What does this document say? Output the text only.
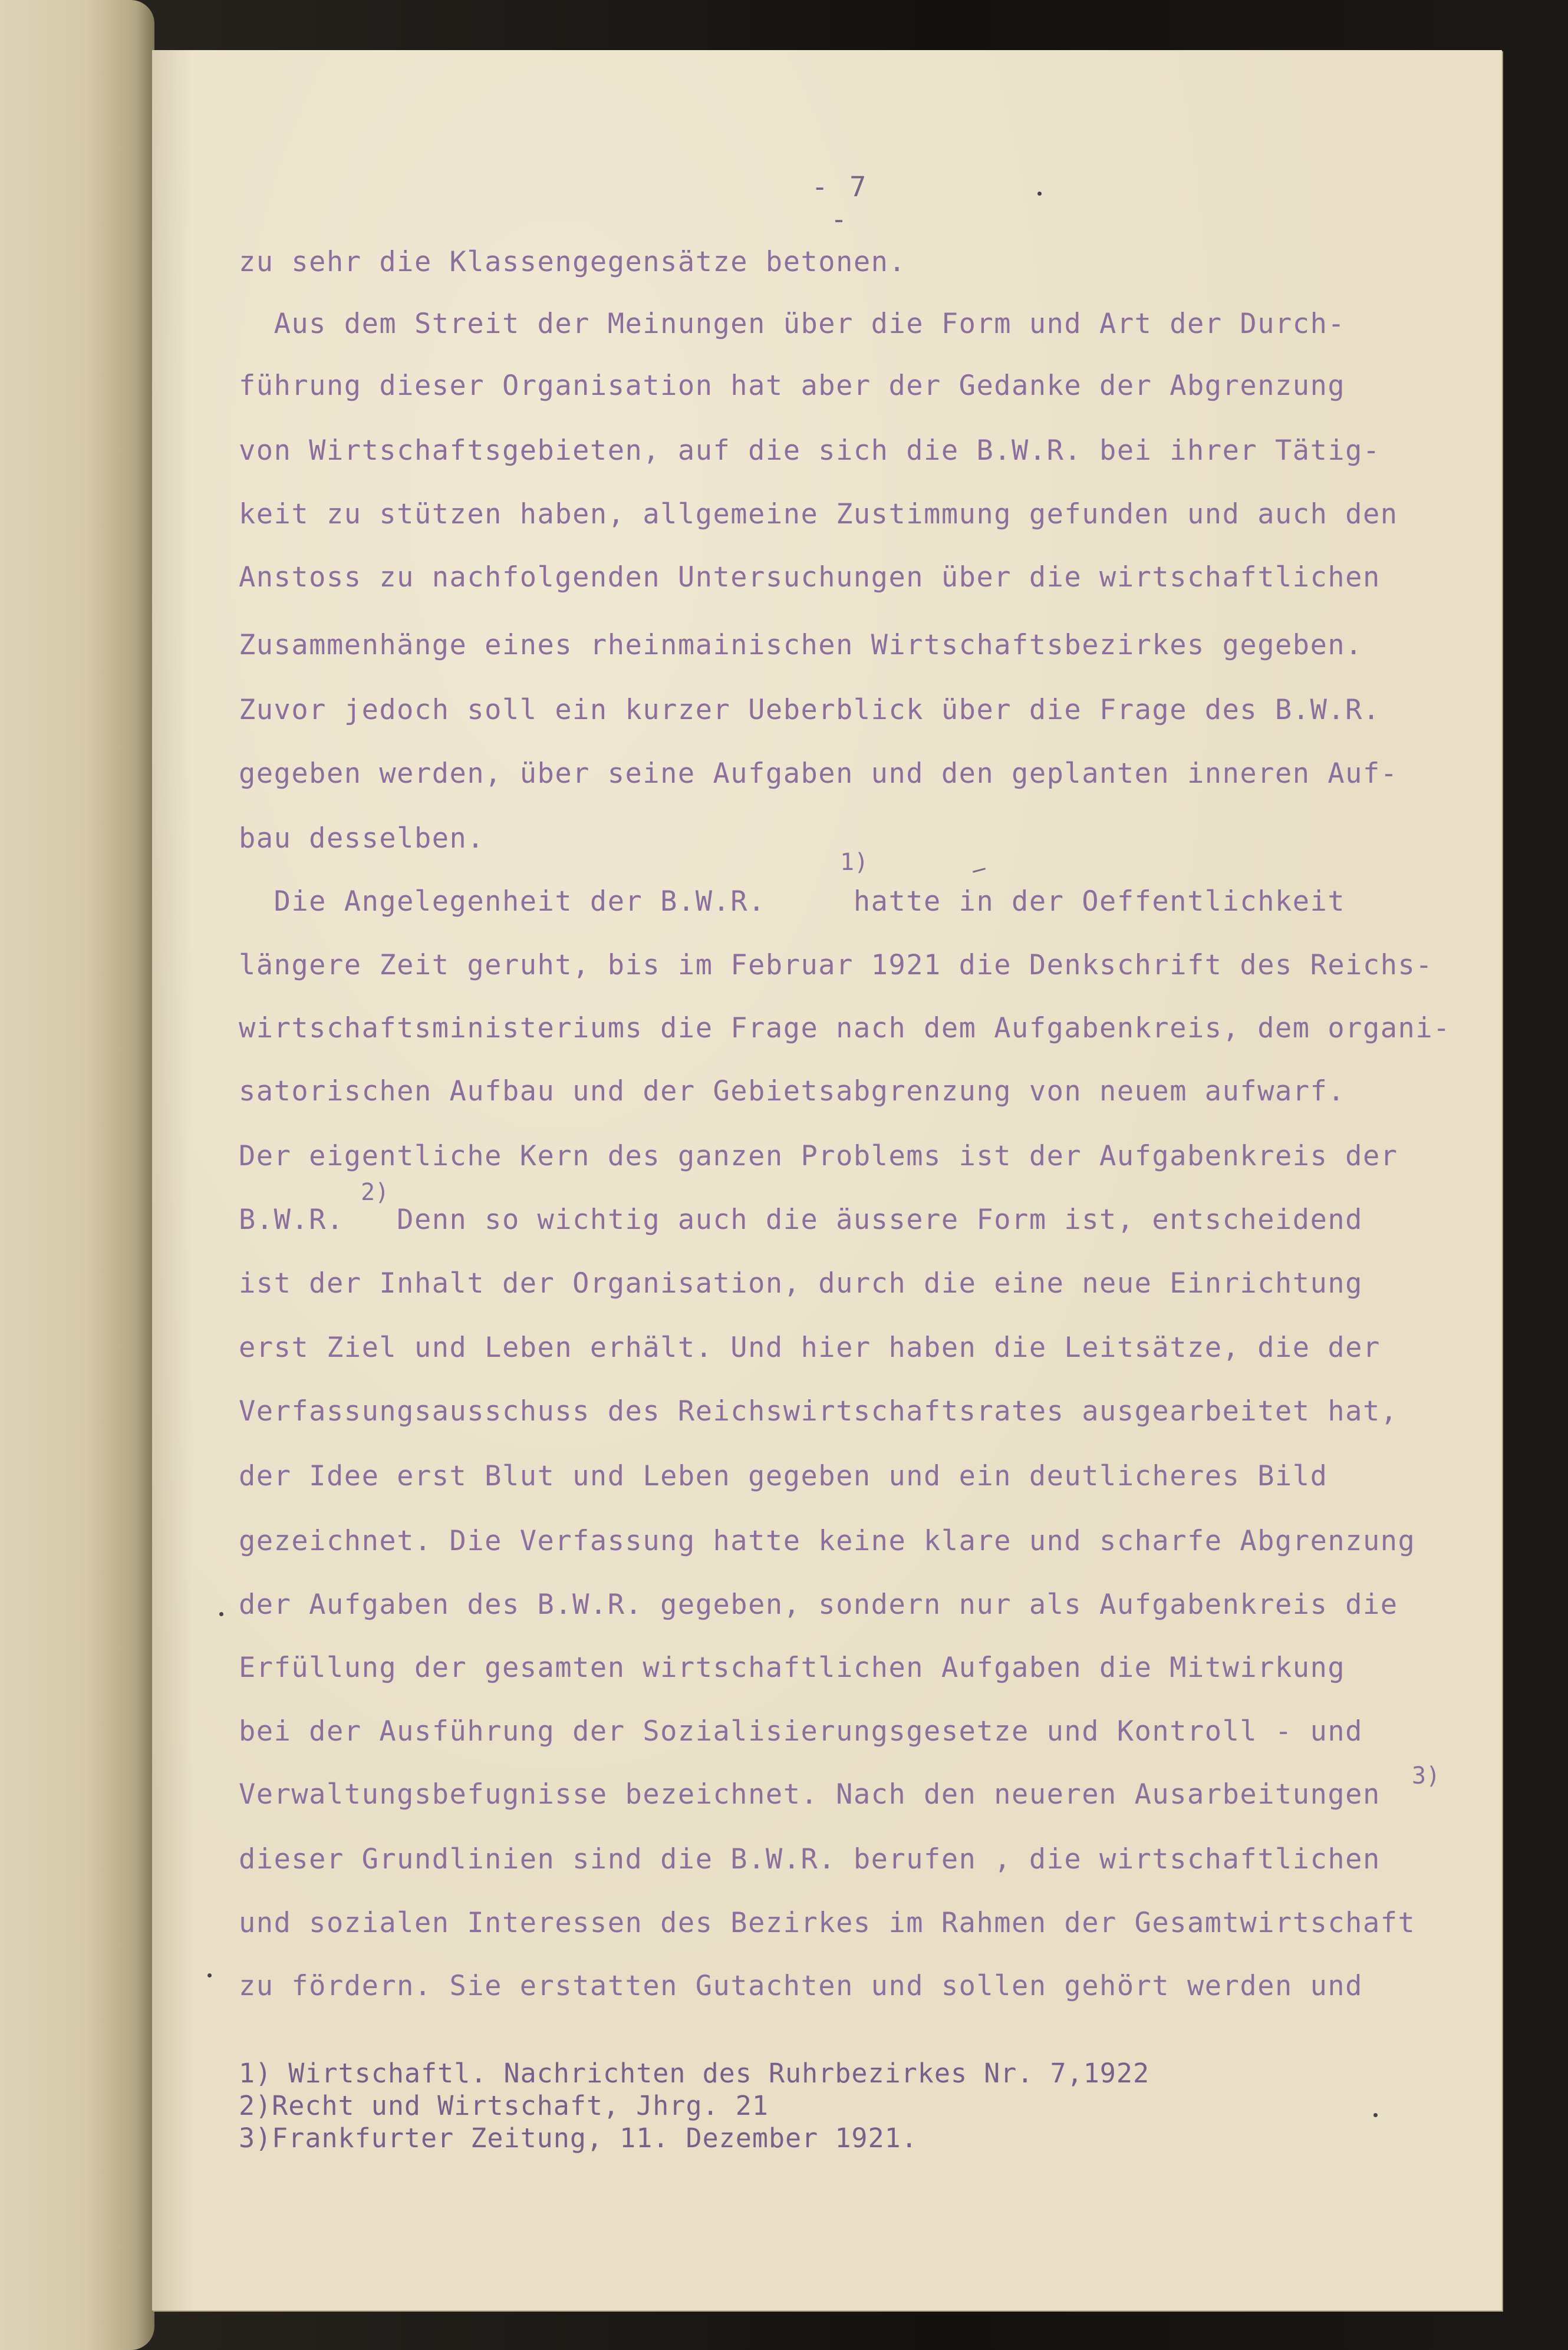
- 7 -
zu sehr die Klassengegensätze betonen.
Aus dem Streit der Meinungen über die Form und Art der Durch-
führung dieser Organisation hat aber der Gedanke der Abgrenzung
von Wirtschaftsgebieten, auf die sich die B.W.R. bei ihrer Tätig-
keit zu stützen haben, allgemeine Zustimmung gefunden und auch den
Anstoss zu nachfolgenden Untersuchungen über die wirtschaftlichen
Zusammenhänge eines rheinmainischen Wirtschaftsbezirkes gegeben.
Zuvor jedoch soll ein kurzer Ueberblick über die Frage des B.W.R.
gegeben werden, über seine Aufgaben und den geplanten inneren Auf-
bau desselben.
Die Angelegenheit der B.W.R.     hatte in der Oeffentlichkeit
längere Zeit geruht, bis im Februar 1921 die Denkschrift des Reichs-
wirtschaftsministeriums die Frage nach dem Aufgabenkreis, dem organi-
satorischen Aufbau und der Gebietsabgrenzung von neuem aufwarf.
Der eigentliche Kern des ganzen Problems ist der Aufgabenkreis der
B.W.R.   Denn so wichtig auch die äussere Form ist, entscheidend
ist der Inhalt der Organisation, durch die eine neue Einrichtung
erst Ziel und Leben erhält. Und hier haben die Leitsätze, die der
Verfassungsausschuss des Reichswirtschaftsrates ausgearbeitet hat,
der Idee erst Blut und Leben gegeben und ein deutlicheres Bild
gezeichnet. Die Verfassung hatte keine klare und scharfe Abgrenzung
der Aufgaben des B.W.R. gegeben, sondern nur als Aufgabenkreis die
Erfüllung der gesamten wirtschaftlichen Aufgaben die Mitwirkung
bei der Ausführung der Sozialisierungsgesetze und Kontroll - und
Verwaltungsbefugnisse bezeichnet. Nach den neueren Ausarbeitungen
dieser Grundlinien sind die B.W.R. berufen , die wirtschaftlichen
und sozialen Interessen des Bezirkes im Rahmen der Gesamtwirtschaft
zu fördern. Sie erstatten Gutachten und sollen gehört werden und
1)
2)
3)
1) Wirtschaftl. Nachrichten des Ruhrbezirkes Nr. 7,1922
2)Recht und Wirtschaft, Jhrg. 21
3)Frankfurter Zeitung, 11. Dezember 1921.
